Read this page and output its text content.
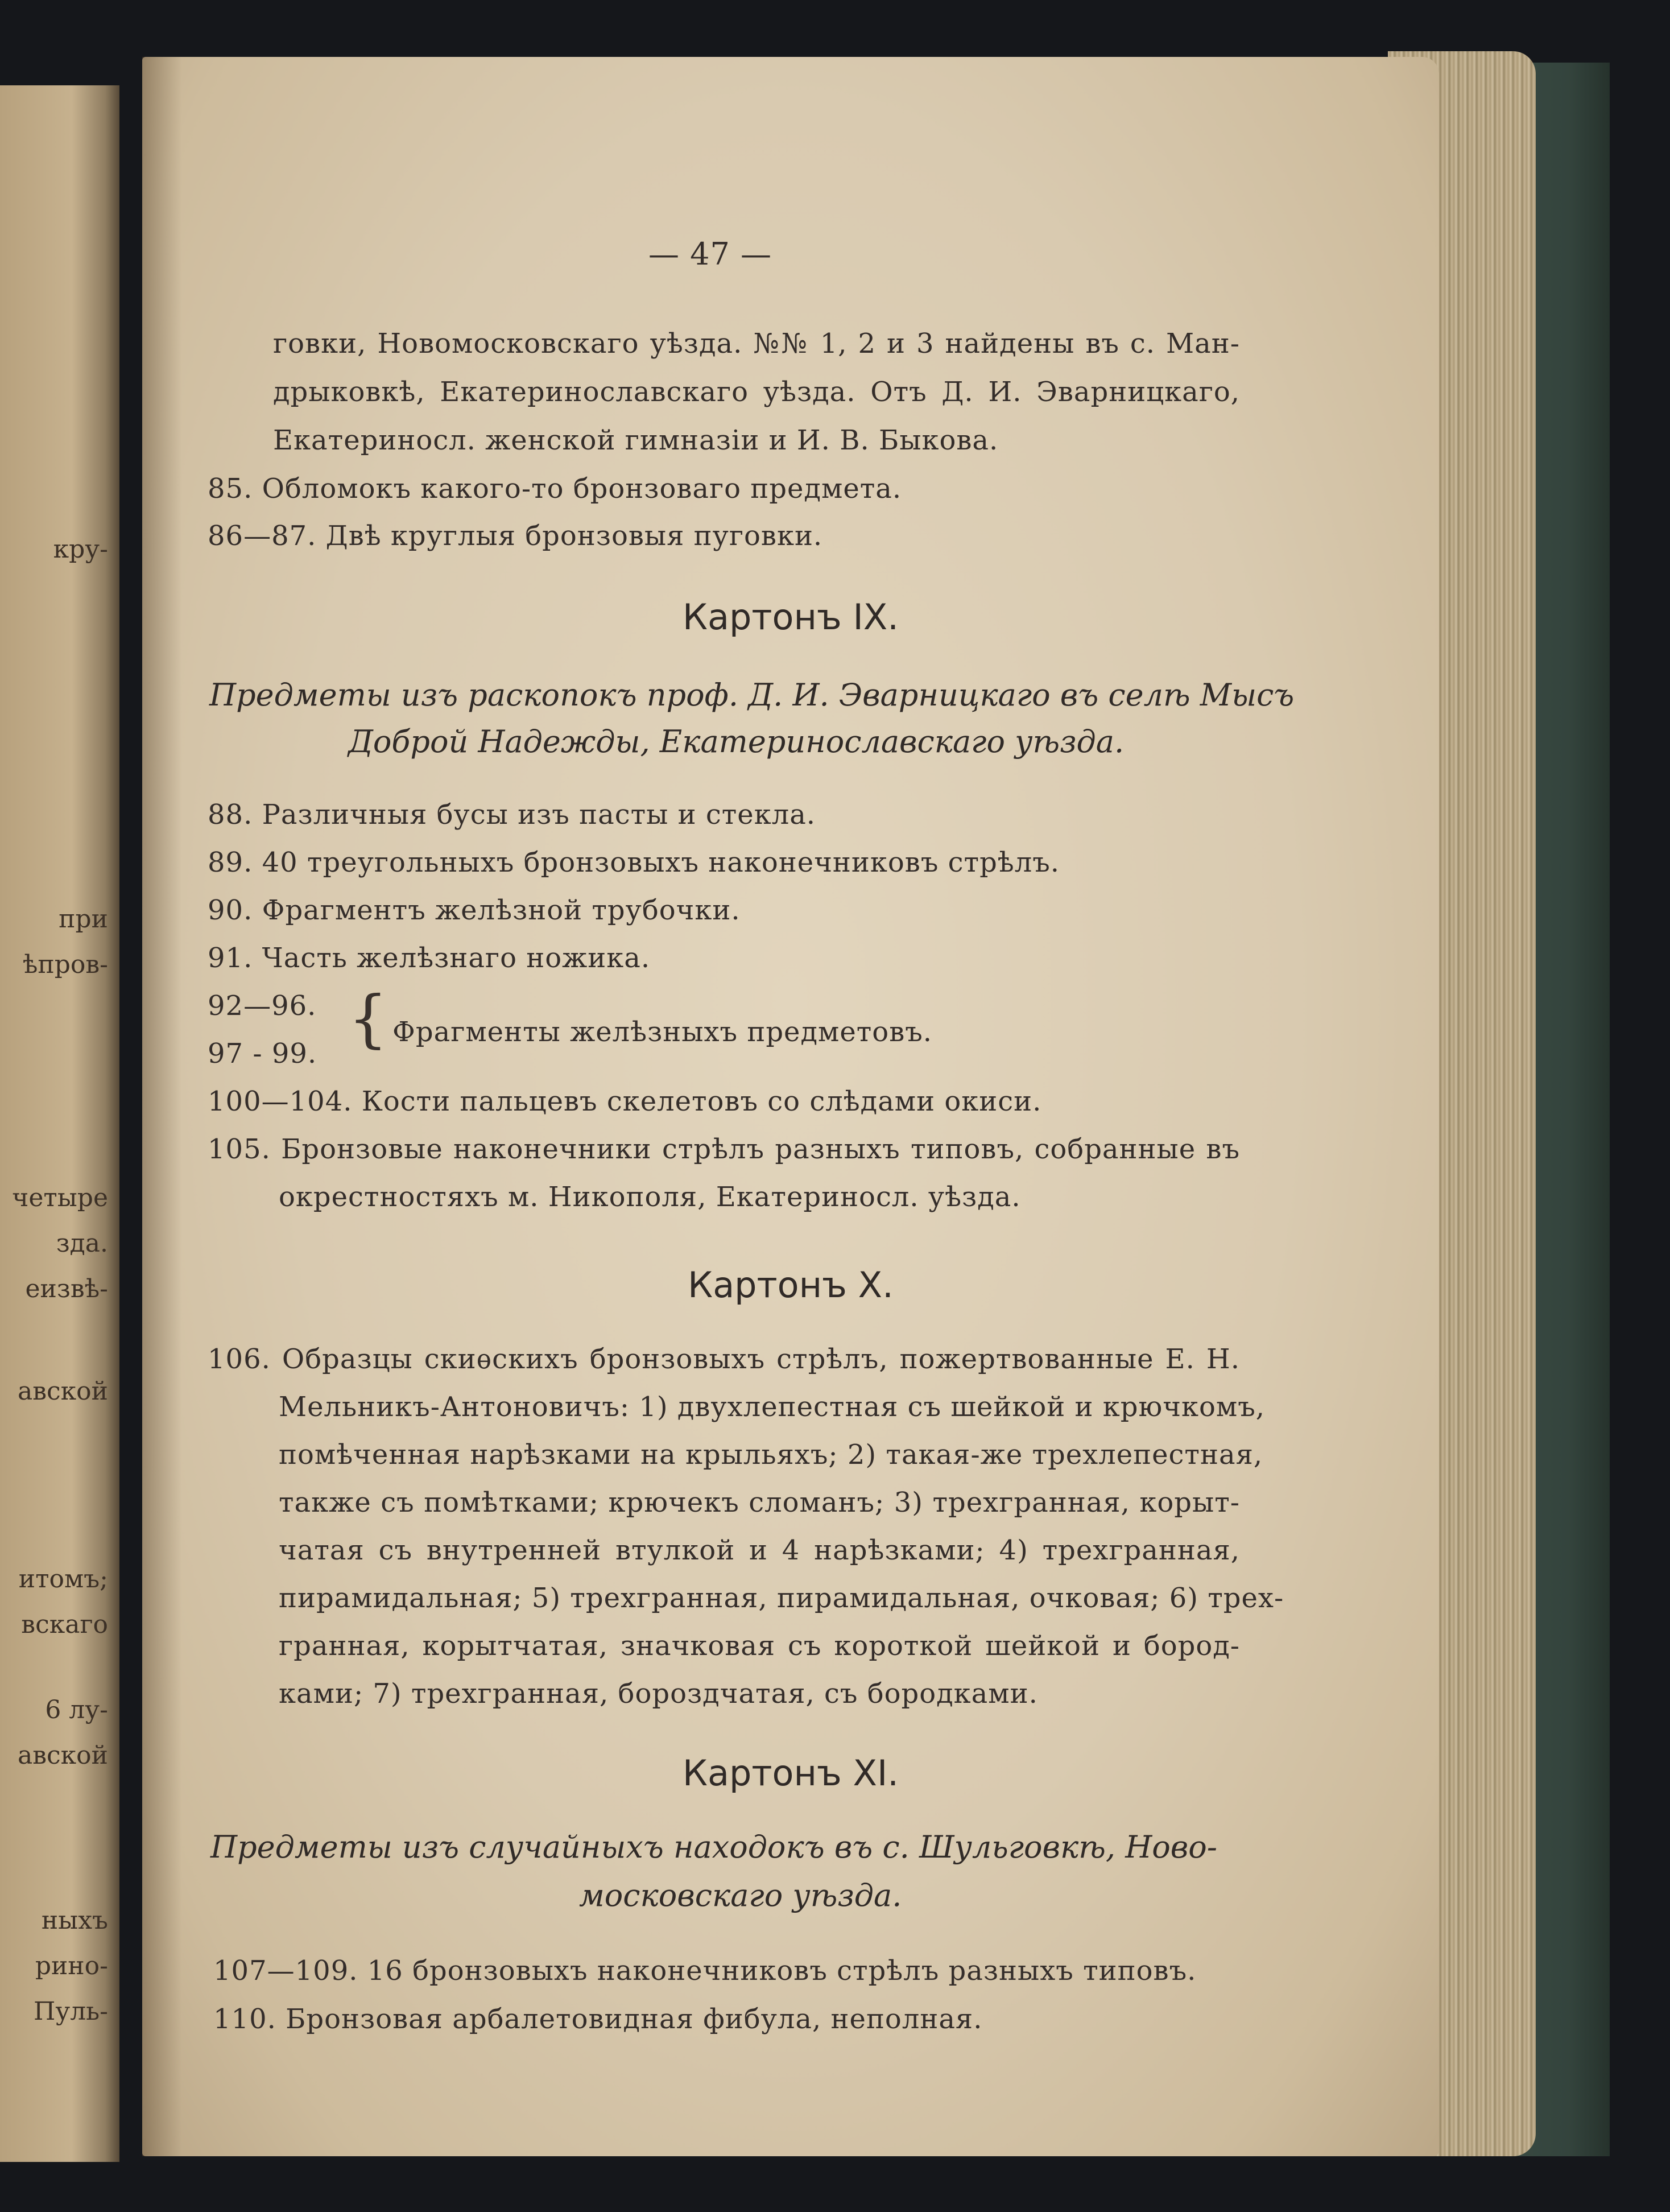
кру-
при
ѣпров-
четыре
зда.
еизвѣ-
авской
итомъ;
вскаго
6 лу-
авской
ныхъ
рино-
Пуль-
— 47 —
говки, Новомосковскаго уѣзда. №№ 1, 2 и 3 найдены въ с. Ман-
дрыковкѣ, Екатеринославскаго уѣзда. Отъ Д. И. Эварницкаго,
Екатериносл. женской гимназіи и И. В. Быкова.
85. Обломокъ какого-то бронзоваго предмета.
86—87. Двѣ круглыя бронзовыя пуговки.
Картонъ IX.
Предметы изъ раскопокъ проф. Д. И. Эварницкаго въ селѣ Мысъ
Доброй Надежды, Екатеринославскаго уѣзда.
88. Различныя бусы изъ пасты и стекла.
89. 40 треугольныхъ бронзовыхъ наконечниковъ стрѣлъ.
90. Фрагментъ желѣзной трубочки.
91. Часть желѣзнаго ножика.
92—96.
97 - 99. { Фрагменты желѣзныхъ предметовъ.
100—104. Кости пальцевъ скелетовъ со слѣдами окиси.
105. Бронзовые наконечники стрѣлъ разныхъ типовъ, собранные въ
окрестностяхъ м. Никополя, Екатериносл. уѣзда.
Картонъ X.
106. Образцы скиѳскихъ бронзовыхъ стрѣлъ, пожертвованные Е. Н.
Мельникъ-Антоновичъ: 1) двухлепестная съ шейкой и крючкомъ,
помѣченная нарѣзками на крыльяхъ; 2) такая-же трехлепестная,
также съ помѣтками; крючекъ сломанъ; 3) трехгранная, корыт-
чатая съ внутренней втулкой и 4 нарѣзками; 4) трехгранная,
пирамидальная; 5) трехгранная, пирамидальная, очковая; 6) трех-
гранная, корытчатая, значковая съ короткой шейкой и бород-
ками; 7) трехгранная, бороздчатая, съ бородками.
Картонъ XI.
Предметы изъ случайныхъ находокъ въ с. Шульговкѣ, Ново-
московскаго уѣзда.
107—109. 16 бронзовыхъ наконечниковъ стрѣлъ разныхъ типовъ.
110. Бронзовая арбалетовидная фибула, неполная.
